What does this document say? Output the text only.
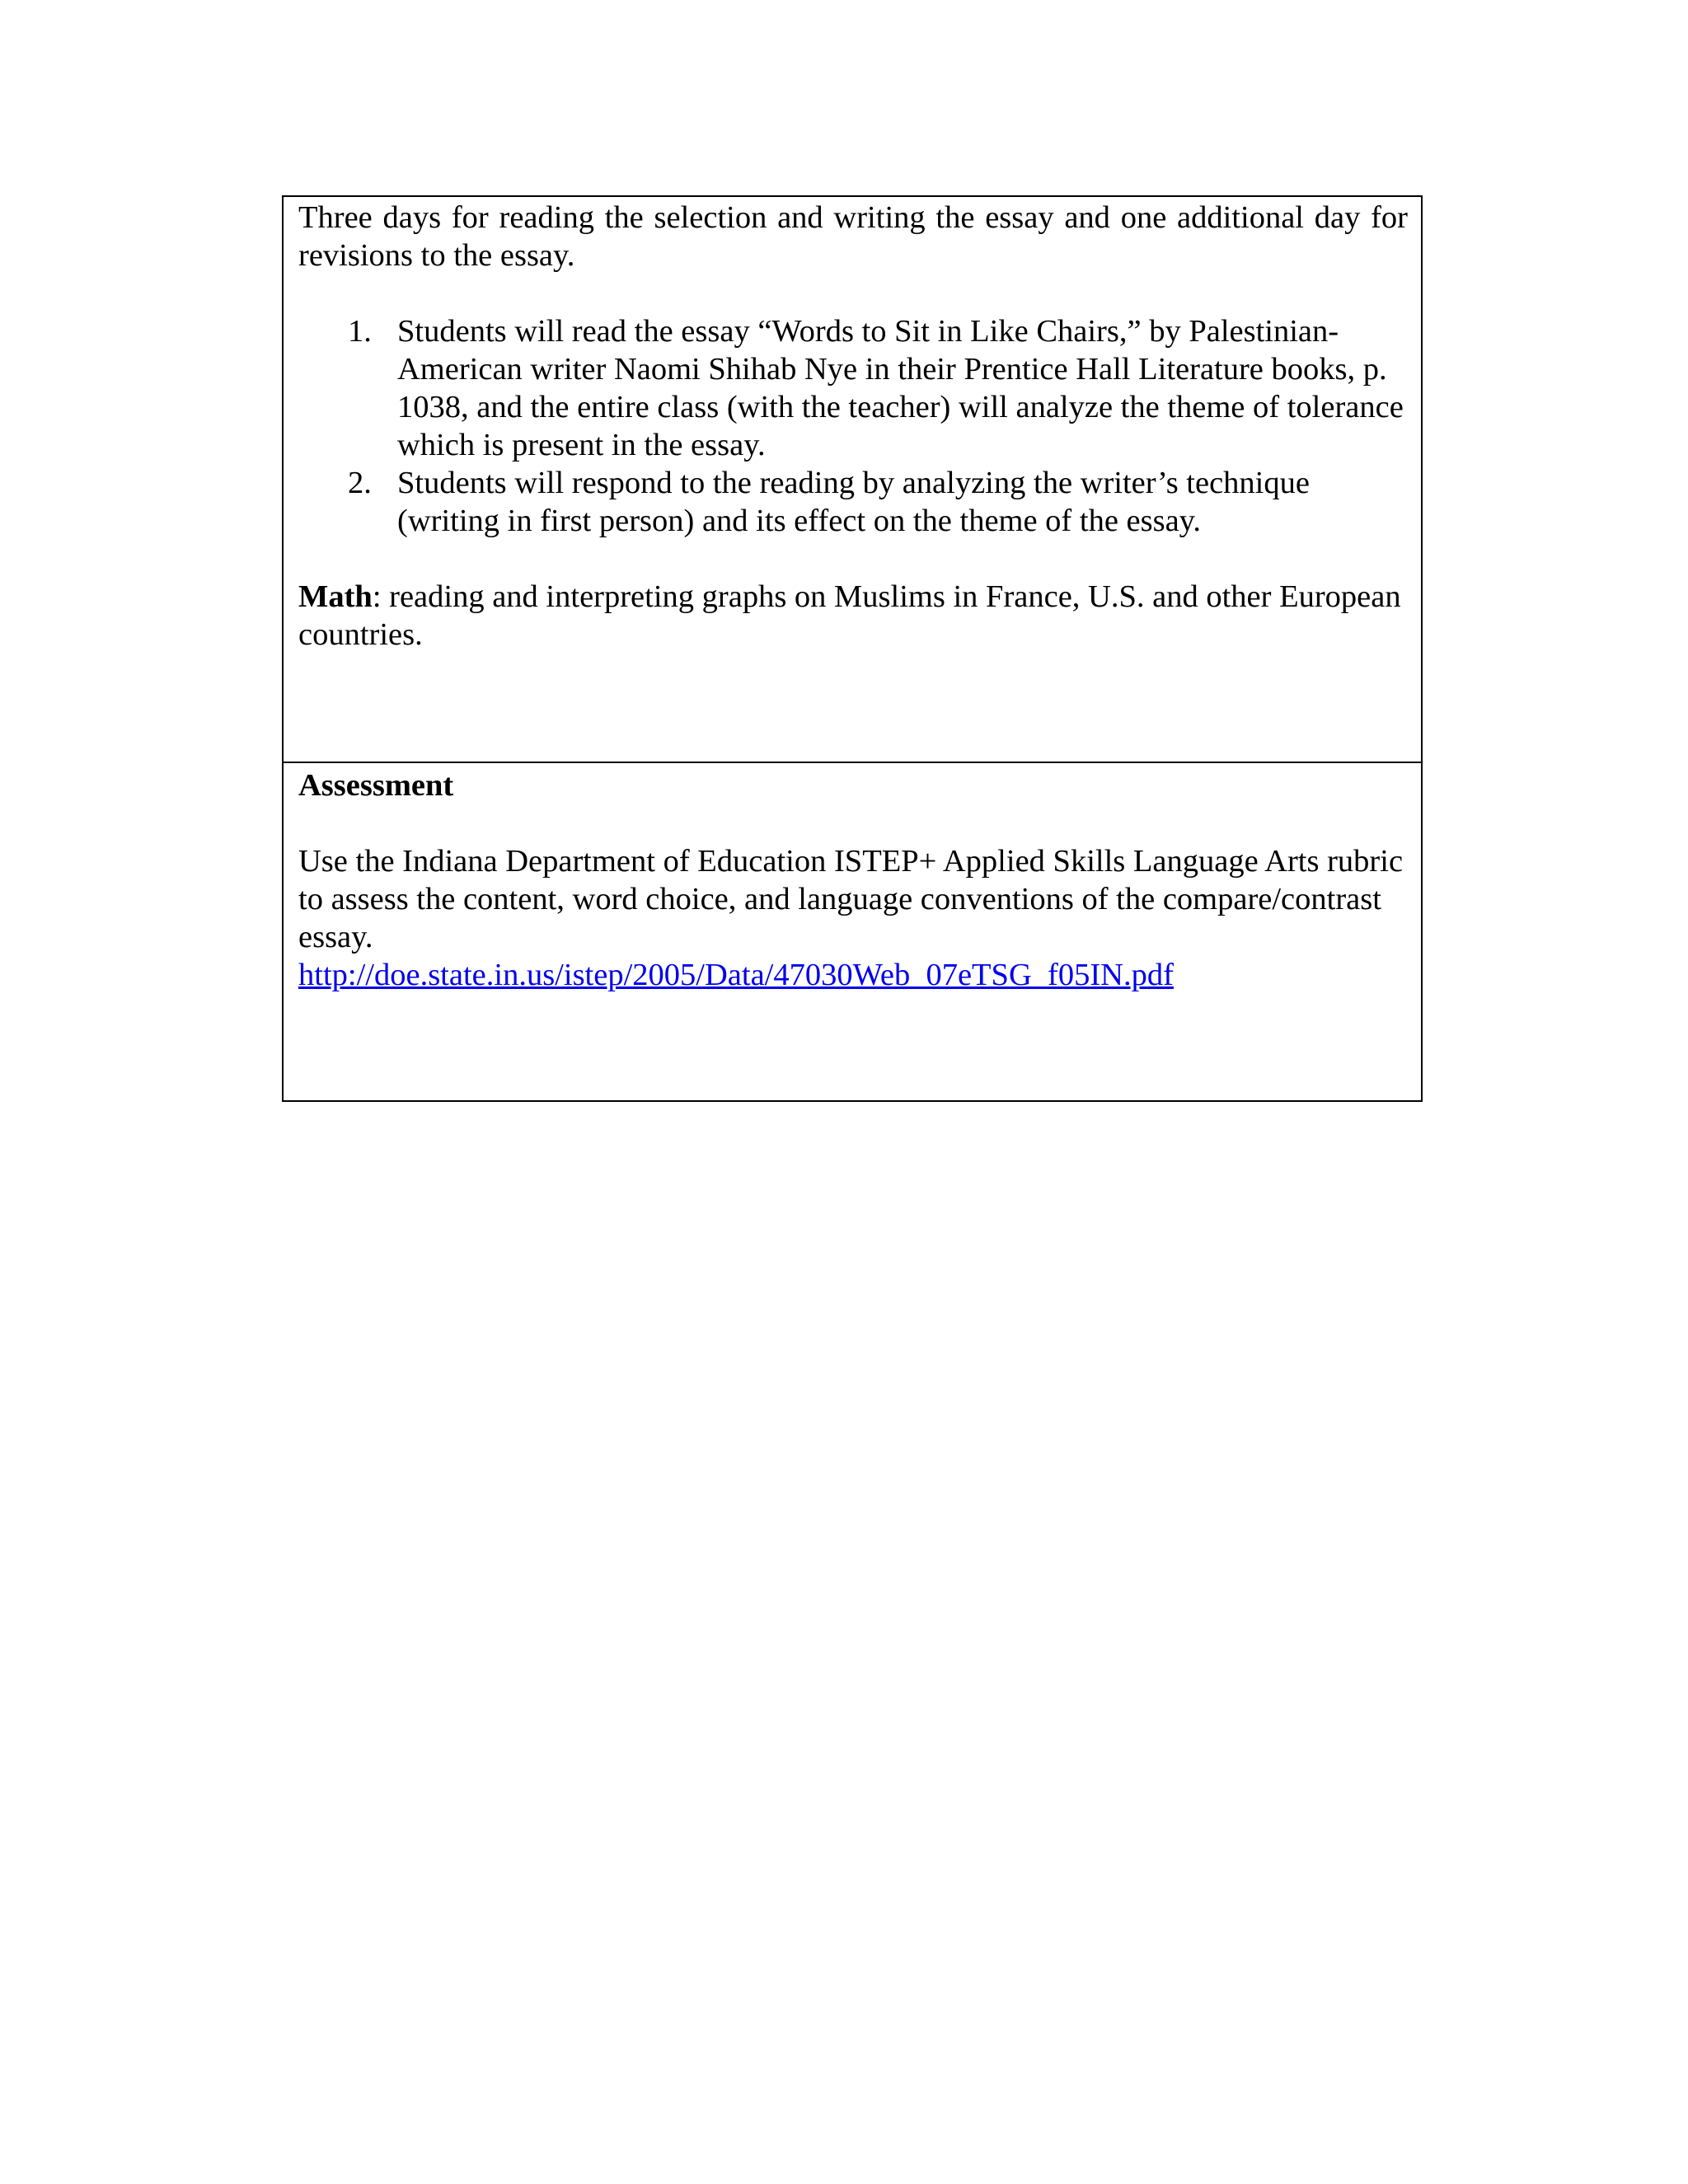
Three days for reading the selection and writing the essay and one additional day for revisions to the essay.

1. Students will read the essay “Words to Sit in Like Chairs,” by Palestinian-American writer Naomi Shihab Nye in their Prentice Hall Literature books, p. 1038, and the entire class (with the teacher) will analyze the theme of tolerance which is present in the essay.
2. Students will respond to the reading by analyzing the writer’s technique (writing in first person) and its effect on the theme of the essay.

Math: reading and interpreting graphs on Muslims in France, U.S. and other European countries.

Assessment

Use the Indiana Department of Education ISTEP+ Applied Skills Language Arts rubric to assess the content, word choice, and language conventions of the compare/contrast essay.

http://doe.state.in.us/istep/2005/Data/47030Web_07eTSG_f05IN.pdf
